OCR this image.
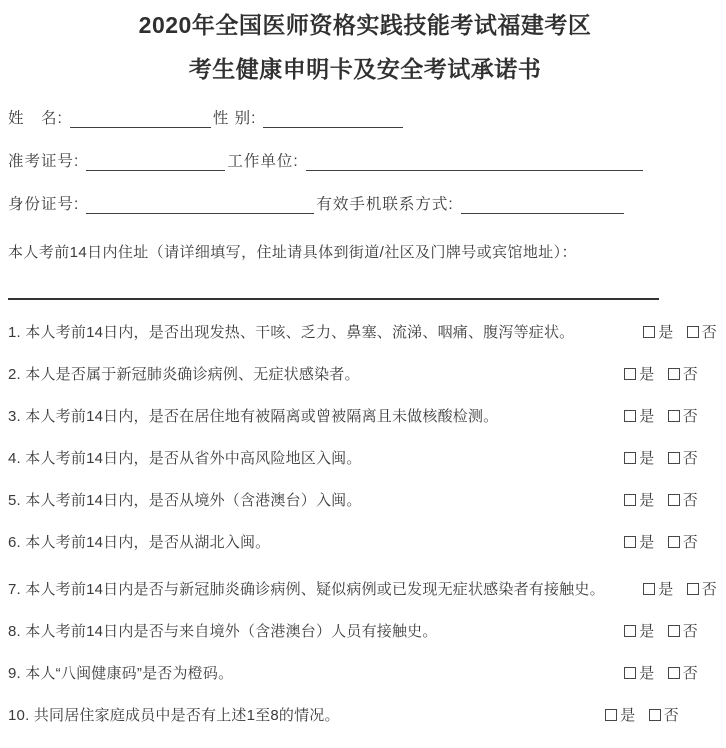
2020年全国医师资格实践技能考试福建考区
考生健康申明卡及安全考试承诺书
姓　名:	性 别:
准考证号:	工作单位:
身份证号:	有效手机联系方式:
本人考前14日内住址（请详细填写，住址请具体到街道/社区及门牌号或宾馆地址）：
1. 本人考前14日内，是否出现发热、干咳、乏力、鼻塞、流涕、咽痛、腹泻等症状。	是 否
2. 本人是否属于新冠肺炎确诊病例、无症状感染者。	是 否
3. 本人考前14日内，是否在居住地有被隔离或曾被隔离且未做核酸检测。	是 否
4. 本人考前14日内，是否从省外中高风险地区入闽。	是 否
5. 本人考前14日内，是否从境外（含港澳台）入闽。	是 否
6. 本人考前14日内，是否从湖北入闽。	是 否
7. 本人考前14日内是否与新冠肺炎确诊病例、疑似病例或已发现无症状感染者有接触史。	是 否
8. 本人考前14日内是否与来自境外（含港澳台）人员有接触史。	是 否
9. 本人“八闽健康码”是否为橙码。	是 否
10. 共同居住家庭成员中是否有上述1至8的情况。	是 否
